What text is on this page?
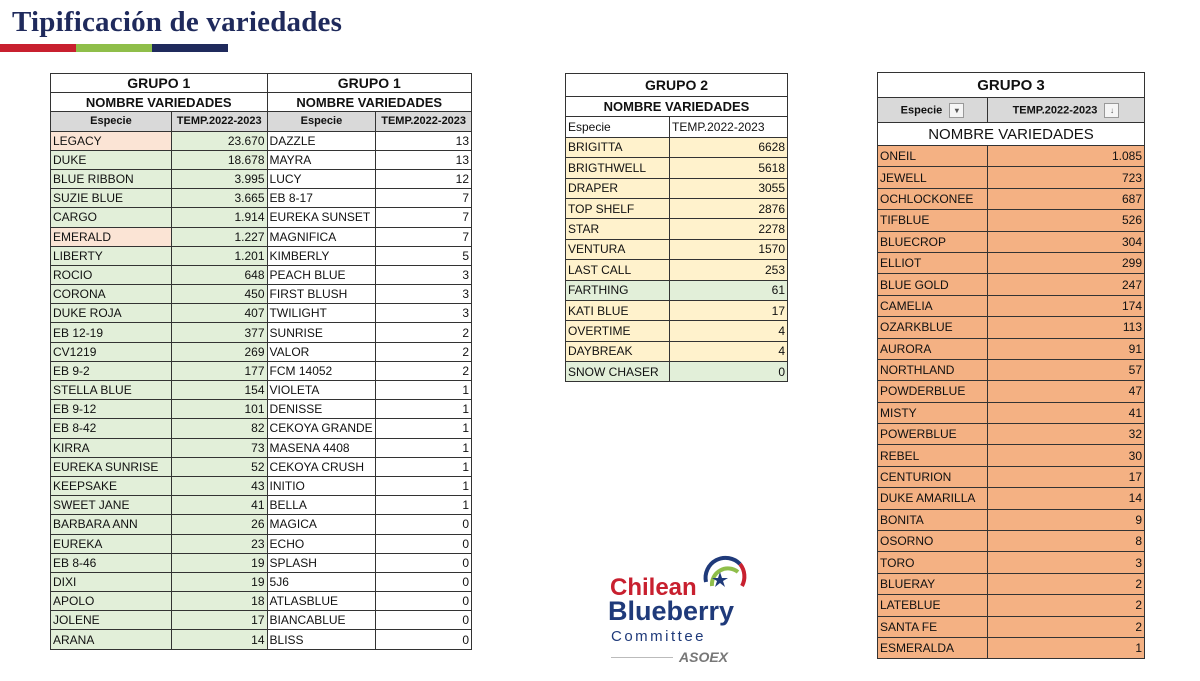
Tipificación de variedades
GRUPO 1		GRUPO 1	
NOMBRE VARIEDADES		NOMBRE VARIEDADES	
Especie	TEMP.2022-2023	Especie	TEMP.2022-2023
LEGACY	23.670	DAZZLE	13
DUKE	18.678	MAYRA	13
BLUE RIBBON	3.995	LUCY	12
SUZIE BLUE	3.665	EB 8-17	7
CARGO	1.914	EUREKA SUNSET	7
EMERALD	1.227	MAGNIFICA	7
LIBERTY	1.201	KIMBERLY	5
ROCIO	648	PEACH BLUE	3
CORONA	450	FIRST BLUSH	3
DUKE ROJA	407	TWILIGHT	3
EB 12-19	377	SUNRISE	2
CV1219	269	VALOR	2
EB 9-2	177	FCM 14052	2
STELLA BLUE	154	VIOLETA	1
EB 9-12	101	DENISSE	1
EB 8-42	82	CEKOYA GRANDE	1
KIRRA	73	MASENA 4408	1
EUREKA SUNRISE	52	CEKOYA CRUSH	1
KEEPSAKE	43	INITIO	1
SWEET JANE	41	BELLA	1
BARBARA ANN	26	MAGICA	0
EUREKA	23	ECHO	0
EB 8-46	19	SPLASH	0
DIXI	19	5J6	0
APOLO	18	ATLASBLUE	0
JOLENE	17	BIANCABLUE	0
ARANA	14	BLISS	0
GRUPO 2	
NOMBRE VARIEDADES	
Especie	TEMP.2022-2023
BRIGITTA	6628
BRIGTHWELL	5618
DRAPER	3055
TOP SHELF	2876
STAR	2278
VENTURA	1570
LAST CALL	253
FARTHING	61
KATI BLUE	17
OVERTIME	4
DAYBREAK	4
SNOW CHASER	0
GRUPO 3	
Especie ▾	TEMP.2022-2023 ↓
NOMBRE VARIEDADES	
ONEIL	1.085
JEWELL	723
OCHLOCKONEE	687
TIFBLUE	526
BLUECROP	304
ELLIOT	299
BLUE GOLD	247
CAMELIA	174
OZARKBLUE	113
AURORA	91
NORTHLAND	57
POWDERBLUE	47
MISTY	41
POWERBLUE	32
REBEL	30
CENTURION	17
DUKE AMARILLA	14
BONITA	9
OSORNO	8
TORO	3
BLUERAY	2
LATEBLUE	2
SANTA FE	2
ESMERALDA	1
Chilean
Blueberry
Committee
ASOEX
